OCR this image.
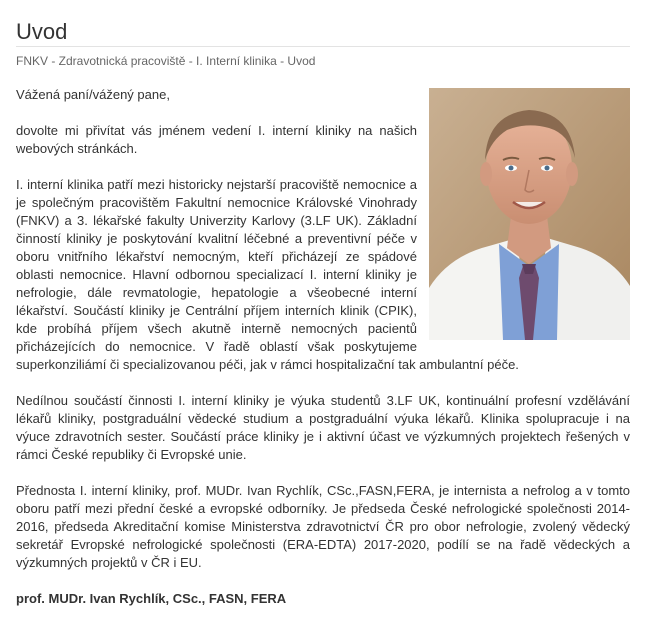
Uvod
FNKV - Zdravotnická pracoviště - I. Interní klinika - Uvod

Vážená paní/vážený pane,

dovolte mi přivítat vás jménem vedení I. interní kliniky na našich webových stránkách.

I. interní klinika patří mezi historicky nejstarší pracoviště nemocnice a je společným pracovištěm Fakultní nemocnice Královské Vinohrady (FNKV) a 3. lékařské fakulty Univerzity Karlovy (3.LF UK). Základní činností kliniky je poskytování kvalitní léčebné a preventivní péče v oboru vnitřního lékařství nemocným, kteří přicházejí ze spádové oblasti nemocnice. Hlavní odbornou specializací I. interní kliniky je nefrologie, dále revmatologie, hepatologie a všeobecné interní lékařství. Součástí kliniky je Centrální příjem interních klinik (CPIK), kde probíhá příjem všech akutně interně nemocných pacientů přicházejících do nemocnice. V řadě oblastí však poskytujeme superkonziliámí či specializovanou péči, jak v rámci hospitalizační tak ambulantní péče.

Nedílnou součástí činnosti I. interní kliniky je výuka studentů 3.LF UK, kontinuální profesní vzdělávání lékařů kliniky, postgraduální vědecké studium a postgraduální výuka lékařů. Klinika spolupracuje i na výuce zdravotních sester. Součástí práce kliniky je i aktivní účast ve výzkumných projektech řešených v rámci České republiky či Evropské unie.

Přednosta I. interní kliniky, prof. MUDr. Ivan Rychlík, CSc.,FASN,FERA, je internista a nefrolog a v tomto oboru patří mezi přední české a evropské odborníky. Je předseda České nefrologické společnosti 2014-2016, předseda Akreditační komise Ministerstva zdravotnictví ČR pro obor nefrologie, zvolený vědecký sekretář Evropské nefrologické společnosti (ERA-EDTA) 2017-2020, podílí se na řadě vědeckých a výzkumných projektů v ČR i EU.

prof. MUDr. Ivan Rychlík, CSc., FASN, FERA
